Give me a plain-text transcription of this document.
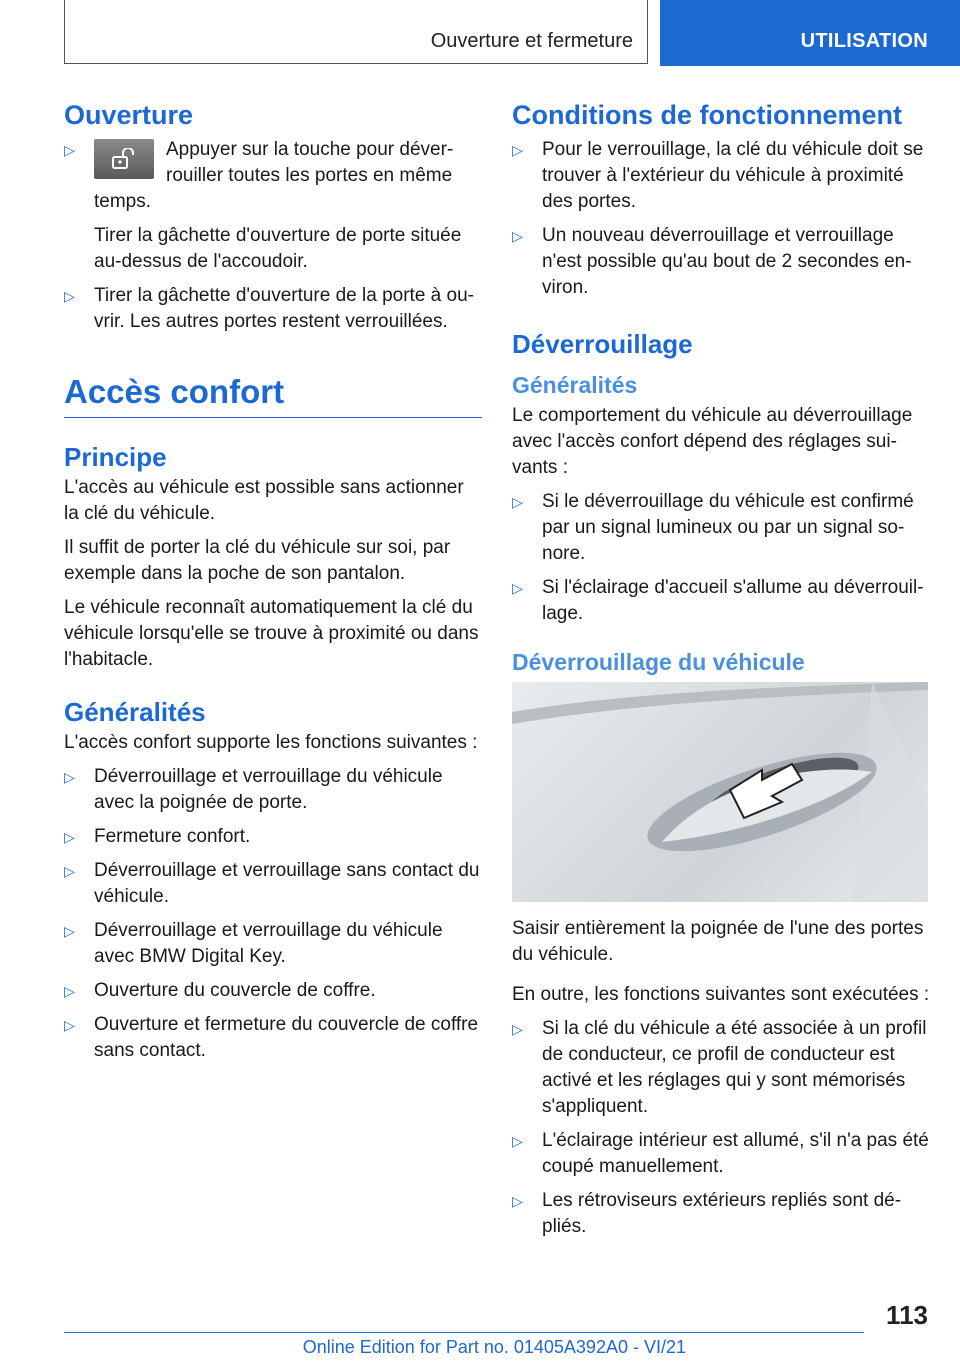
Ouverture et fermeture	UTILISATION
Ouverture
▷	Appuyer sur la touche pour déverrouiller toutes les portes en même temps.

Tirer la gâchette d'ouverture de porte située au-dessus de l'accoudoir.

▷ Tirer la gâchette d'ouverture de la porte à ouvrir. Les autres portes restent verrouillées.
Accès confort
Principe

L'accès au véhicule est possible sans actionner la clé du véhicule.

Il suffit de porter la clé du véhicule sur soi, par exemple dans la poche de son pantalon.

Le véhicule reconnaît automatiquement la clé du véhicule lorsqu'elle se trouve à proximité ou dans l'habitacle.

Généralités

L'accès confort supporte les fonctions suivantes :

▷ Déverrouillage et verrouillage du véhicule avec la poignée de porte.
▷ Fermeture confort.
▷ Déverrouillage et verrouillage sans contact du véhicule.
▷ Déverrouillage et verrouillage du véhicule avec BMW Digital Key.
▷ Ouverture du couvercle de coffre.
▷ Ouverture et fermeture du couvercle de coffre sans contact.
Conditions de fonctionnement
▷ Pour le verrouillage, la clé du véhicule doit se trouver à l'extérieur du véhicule à proximité des portes.
▷ Un nouveau déverrouillage et verrouillage n'est possible qu'au bout de 2 secondes environ.
Déverrouillage
Généralités

Le comportement du véhicule au déverrouillage avec l'accès confort dépend des réglages suivants :

▷ Si le déverrouillage du véhicule est confirmé par un signal lumineux ou par un signal sonore.
▷ Si l'éclairage d'accueil s'allume au déverrouillage.
Déverrouillage du véhicule

Saisir entièrement la poignée de l'une des portes du véhicule.

En outre, les fonctions suivantes sont exécutées :

▷ Si la clé du véhicule a été associée à un profil de conducteur, ce profil de conducteur est activé et les réglages qui y sont mémorisés s'appliquent.
▷ L'éclairage intérieur est allumé, s'il n'a pas été coupé manuellement.
▷ Les rétroviseurs extérieurs repliés sont dépliés.
113
Online Edition for Part no. 01405A392A0 - VI/21
